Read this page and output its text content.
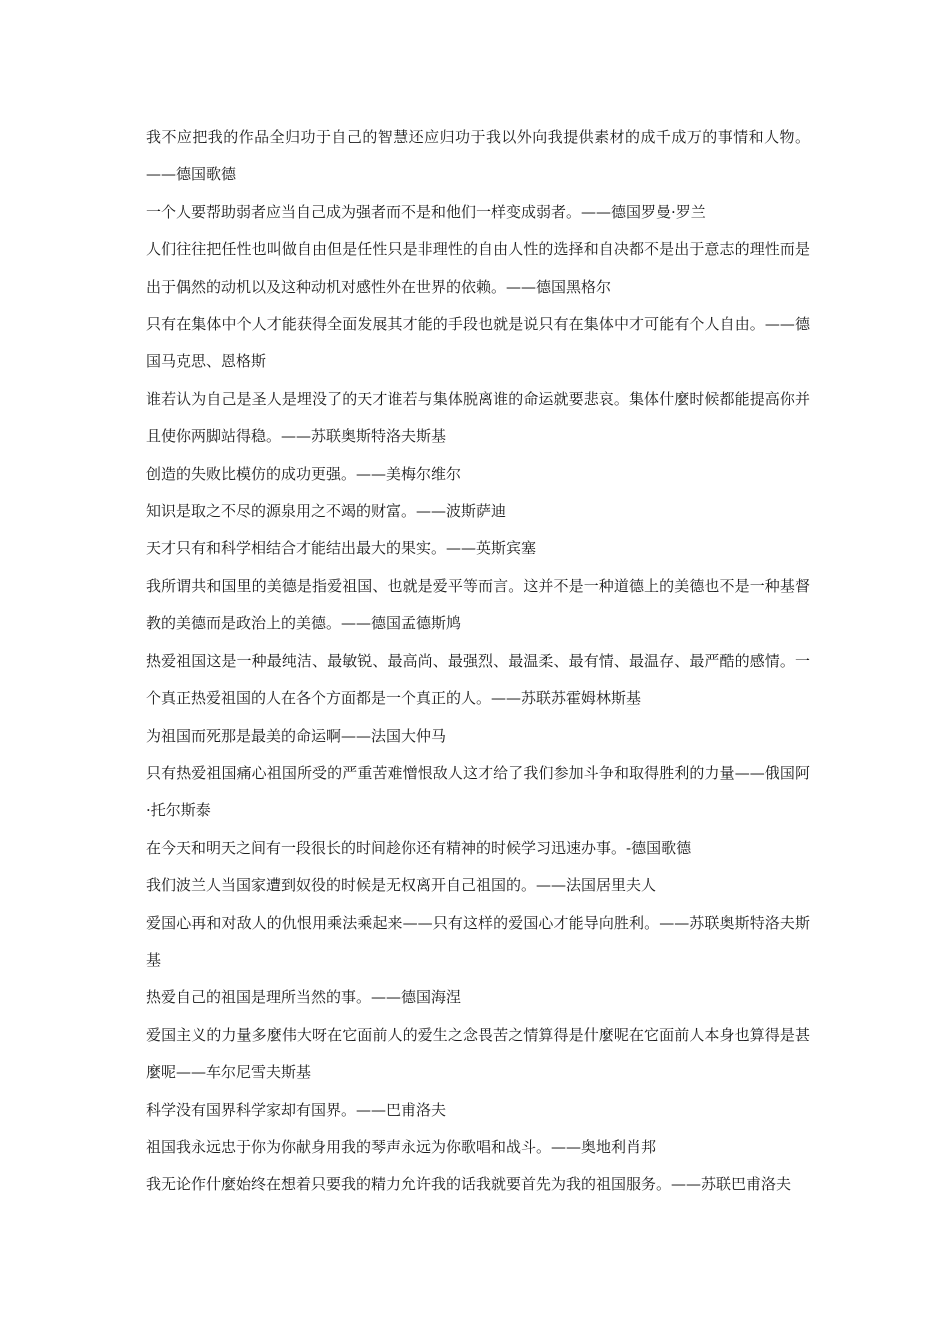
我不应把我的作品全归功于自己的智慧还应归功于我以外向我提供素材的成千成万的事情和人物。——德国歌德

一个人要帮助弱者应当自己成为强者而不是和他们一样变成弱者。——德国罗曼·罗兰

人们往往把任性也叫做自由但是任性只是非理性的自由人性的选择和自决都不是出于意志的理性而是出于偶然的动机以及这种动机对感性外在世界的依赖。——德国黑格尔

只有在集体中个人才能获得全面发展其才能的手段也就是说只有在集体中才可能有个人自由。——德国马克思、恩格斯

谁若认为自己是圣人是埋没了的天才谁若与集体脱离谁的命运就要悲哀。集体什麼时候都能提高你并且使你两脚站得稳。——苏联奥斯特洛夫斯基

创造的失败比模仿的成功更强。——美梅尔维尔

知识是取之不尽的源泉用之不竭的财富。——波斯萨迪

天才只有和科学相结合才能结出最大的果实。——英斯宾塞

我所谓共和国里的美德是指爱祖国、也就是爱平等而言。这并不是一种道德上的美德也不是一种基督教的美德而是政治上的美德。——德国孟德斯鸠

热爱祖国这是一种最纯洁、最敏锐、最高尚、最强烈、最温柔、最有情、最温存、最严酷的感情。一个真正热爱祖国的人在各个方面都是一个真正的人。——苏联苏霍姆林斯基

为祖国而死那是最美的命运啊——法国大仲马

只有热爱祖国痛心祖国所受的严重苦难憎恨敌人这才给了我们参加斗争和取得胜利的力量——俄国阿·托尔斯泰

在今天和明天之间有一段很长的时间趁你还有精神的时候学习迅速办事。-德国歌德

我们波兰人当国家遭到奴役的时候是无权离开自己祖国的。——法国居里夫人

爱国心再和对敌人的仇恨用乘法乘起来——只有这样的爱国心才能导向胜利。——苏联奥斯特洛夫斯基

热爱自己的祖国是理所当然的事。——德国海涅

爱国主义的力量多麼伟大呀在它面前人的爱生之念畏苦之情算得是什麼呢在它面前人本身也算得是甚麼呢——车尔尼雪夫斯基

科学没有国界科学家却有国界。——巴甫洛夫

祖国我永远忠于你为你献身用我的琴声永远为你歌唱和战斗。——奥地利肖邦

我无论作什麼始终在想着只要我的精力允许我的话我就要首先为我的祖国服务。——苏联巴甫洛夫
